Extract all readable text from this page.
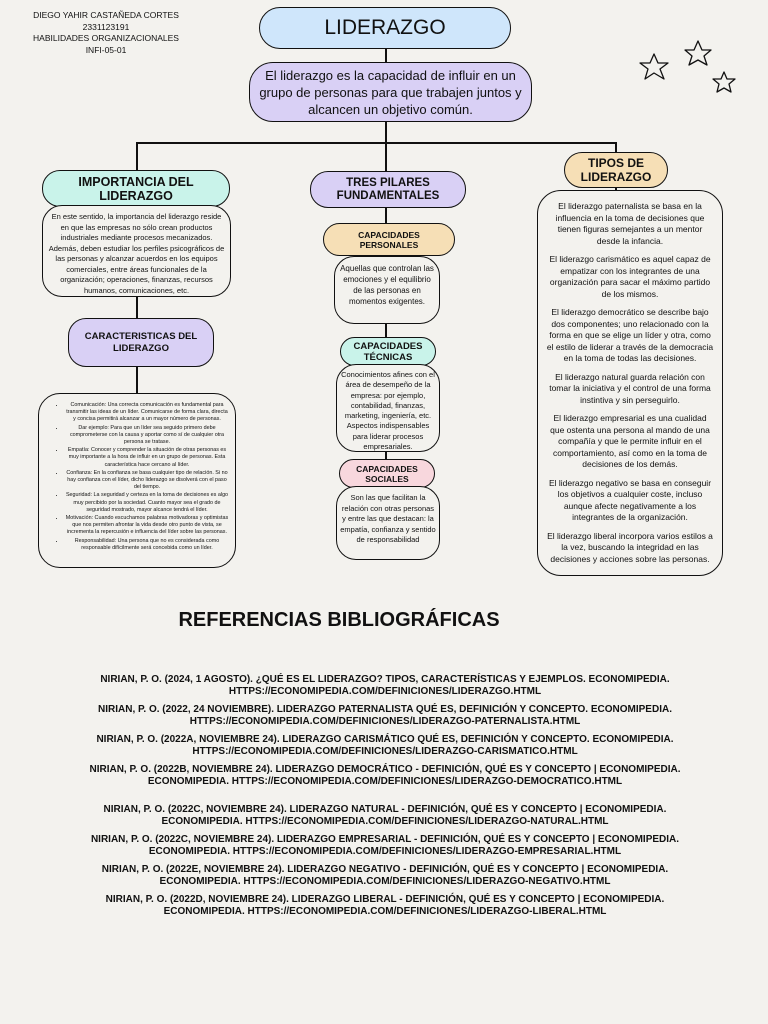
DIEGO YAHIR CASTAÑEDA CORTES
2331123191
HABILIDADES ORGANIZACIONALES
INFI-05-01
LIDERAZGO
El liderazgo es la capacidad de influir en un grupo de personas para que trabajen juntos y alcancen un objetivo común.
IMPORTANCIA DEL LIDERAZGO
En este sentido, la importancia del liderazgo reside en que las empresas no sólo crean productos industriales mediante procesos mecanizados. Además, deben estudiar los perfiles psicográficos de las personas y alcanzar acuerdos en los equipos comerciales, entre áreas funcionales de la organización; operaciones, finanzas, recursos humanos, comunicaciones, etc.
CARACTERISTICAS DEL LIDERAZGO
• Comunicación: Una correcta comunicación es fundamental para transmitir las ideas de un líder. Comunicarse de forma clara, directa y concisa permitirá alcanzar a un mayor número de personas.
• Dar ejemplo: Para que un líder sea seguido primero debe comprometerse con la causa y aportar como sí de cualquier otra persona se tratase.
• Empatía: Conocer y comprender la situación de otras personas es muy importante a la hora de influir en un grupo de personas. Esta característica hace cercano al líder.
• Confianza: En la confianza se basa cualquier tipo de relación. Si no hay confianza con el líder, dicho liderazgo se disolverá con el paso del tiempo.
• Seguridad: La seguridad y certeza en la toma de decisiones es algo muy percibido por la sociedad. Cuanto mayor sea el grado de seguridad mostrado, mayor alcance tendrá el líder.
• Motivación: Cuando escuchamos palabras motivadoras y optimistas que nos permiten afrontar la vida desde otro punto de vista, se incrementa la repercusión e influencia del líder sobre las personas.
• Responsabilidad: Una persona que no es considerada como responsable difícilmente será concebida como un líder.
TRES PILARES FUNDAMENTALES
CAPACIDADES PERSONALES
Aquellas que controlan las emociones y el equilibrio de las personas en momentos exigentes.
CAPACIDADES TÉCNICAS
Conocimientos afines con el área de desempeño de la empresa: por ejemplo, contabilidad, finanzas, marketing, ingeniería, etc. Aspectos indispensables para liderar procesos empresariales.
CAPACIDADES SOCIALES
Son las que facilitan la relación con otras personas y entre las que destacan: la empatía, confianza y sentido de responsabilidad
TIPOS DE LIDERAZGO

El liderazgo paternalista se basa en la influencia en la toma de decisiones que tienen figuras semejantes a un mentor desde la infancia.

El liderazgo carismático es aquel capaz de empatizar con los integrantes de una organización para sacar el máximo partido de los mismos.

El liderazgo democrático se describe bajo dos componentes; uno relacionado con la forma en que se elige un líder y otra, como el estilo de liderar a través de la democracia en la toma de todas las decisiones.

El liderazgo natural guarda relación con tomar la iniciativa y el control de una forma instintiva y sin perseguirlo.

El liderazgo empresarial es una cualidad que ostenta una persona al mando de una compañía y que le permite influir en el comportamiento, así como en la toma de decisiones de los demás.

El liderazgo negativo se basa en conseguir los objetivos a cualquier coste, incluso aunque afecte negativamente a los integrantes de la organización.

El liderazgo liberal incorpora varios estilos a la vez, buscando la integridad en las decisiones y acciones sobre las personas.

REFERENCIAS BIBLIOGRÁFICAS
NIRIAN, P. O. (2024, 1 AGOSTO). ¿QUÉ ES EL LIDERAZGO? TIPOS, CARACTERÍSTICAS Y EJEMPLOS. ECONOMIPEDIA. HTTPS://ECONOMIPEDIA.COM/DEFINICIONES/LIDERAZGO.HTML
NIRIAN, P. O. (2022, 24 NOVIEMBRE). LIDERAZGO PATERNALISTA QUÉ ES, DEFINICIÓN Y CONCEPTO. ECONOMIPEDIA. HTTPS://ECONOMIPEDIA.COM/DEFINICIONES/LIDERAZGO-PATERNALISTA.HTML
NIRIAN, P. O. (2022A, NOVIEMBRE 24). LIDERAZGO CARISMÁTICO QUÉ ES, DEFINICIÓN Y CONCEPTO. ECONOMIPEDIA. HTTPS://ECONOMIPEDIA.COM/DEFINICIONES/LIDERAZGO-CARISMATICO.HTML
NIRIAN, P. O. (2022B, NOVIEMBRE 24). LIDERAZGO DEMOCRÁTICO - DEFINICIÓN, QUÉ ES Y CONCEPTO | ECONOMIPEDIA. ECONOMIPEDIA. HTTPS://ECONOMIPEDIA.COM/DEFINICIONES/LIDERAZGO-DEMOCRATICO.HTML
NIRIAN, P. O. (2022C, NOVIEMBRE 24). LIDERAZGO NATURAL - DEFINICIÓN, QUÉ ES Y CONCEPTO | ECONOMIPEDIA. ECONOMIPEDIA. HTTPS://ECONOMIPEDIA.COM/DEFINICIONES/LIDERAZGO-NATURAL.HTML
NIRIAN, P. O. (2022C, NOVIEMBRE 24). LIDERAZGO EMPRESARIAL - DEFINICIÓN, QUÉ ES Y CONCEPTO | ECONOMIPEDIA. ECONOMIPEDIA. HTTPS://ECONOMIPEDIA.COM/DEFINICIONES/LIDERAZGO-EMPRESARIAL.HTML
NIRIAN, P. O. (2022E, NOVIEMBRE 24). LIDERAZGO NEGATIVO - DEFINICIÓN, QUÉ ES Y CONCEPTO | ECONOMIPEDIA. ECONOMIPEDIA. HTTPS://ECONOMIPEDIA.COM/DEFINICIONES/LIDERAZGO-NEGATIVO.HTML
NIRIAN, P. O. (2022D, NOVIEMBRE 24). LIDERAZGO LIBERAL - DEFINICIÓN, QUÉ ES Y CONCEPTO | ECONOMIPEDIA. ECONOMIPEDIA. HTTPS://ECONOMIPEDIA.COM/DEFINICIONES/LIDERAZGO-LIBERAL.HTML
